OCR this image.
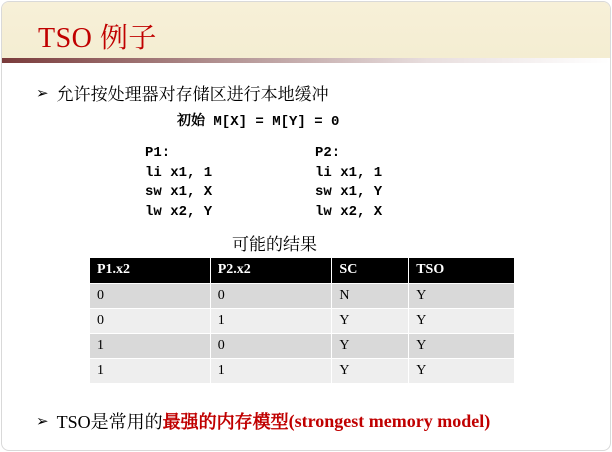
TSO 例子
➢ 允许按处理器对存储区进行本地缓冲
初始 M[X] = M[Y] = 0
P1:
li x1, 1
sw x1, X
lw x2, Y
P2:
li x1, 1
sw x1, Y
lw x2, X
可能的结果
P1.x2	P2.x2	SC	TSO
0	0	N	Y
0	1	Y	Y
1	0	Y	Y
1	1	Y	Y
➢ TSO是常用的 最强的内存模型 (strongest memory model)
